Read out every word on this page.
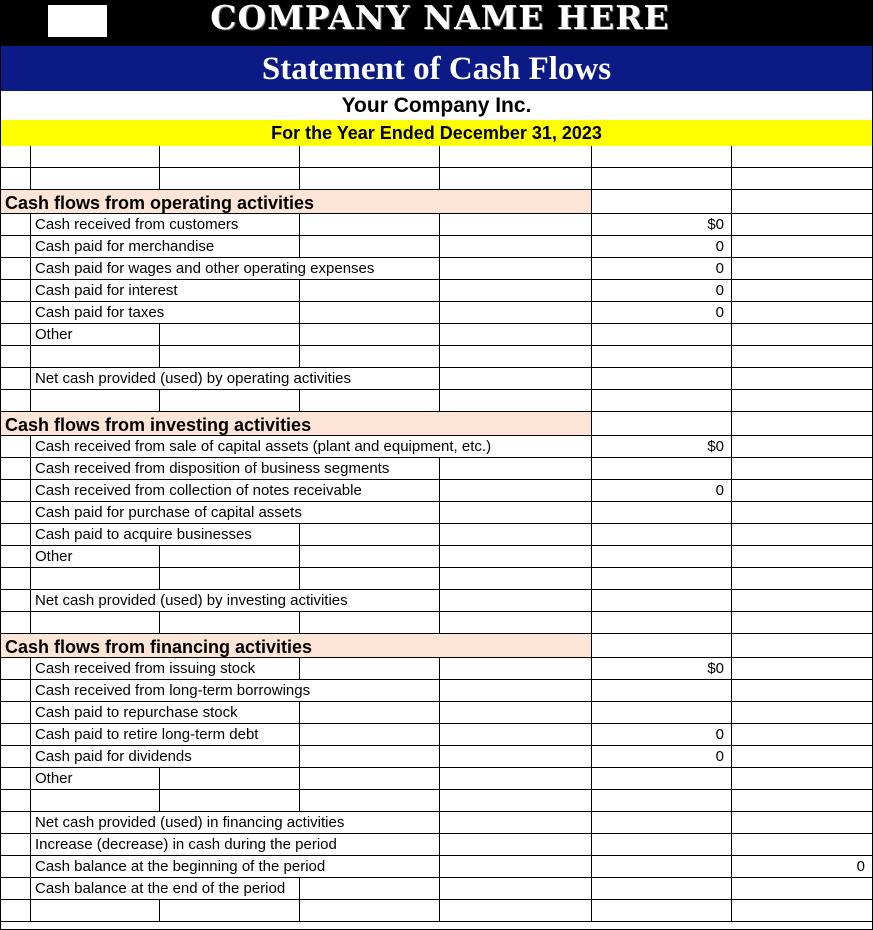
COMPANY NAME HERE
Statement of Cash Flows
Your Company Inc.
For the Year Ended December 31, 2023
Cash flows from operating activities
Cash received from customers	$0
Cash paid for merchandise	0
Cash paid for wages and other operating expenses	0
Cash paid for interest	0
Cash paid for taxes	0
Other
Net cash provided (used) by operating activities
Cash flows from investing activities
Cash received from sale of capital assets (plant and equipment, etc.)	$0
Cash received from disposition of business segments
Cash received from collection of notes receivable	0
Cash paid for purchase of capital assets
Cash paid to acquire businesses
Other
Net cash provided (used) by investing activities
Cash flows from financing activities
Cash received from issuing stock	$0
Cash received from long-term borrowings
Cash paid to repurchase stock
Cash paid to retire long-term debt	0
Cash paid for dividends	0
Other
Net cash provided (used) in financing activities
Increase (decrease) in cash during the period
Cash balance at the beginning of the period	0
Cash balance at the end of the period
